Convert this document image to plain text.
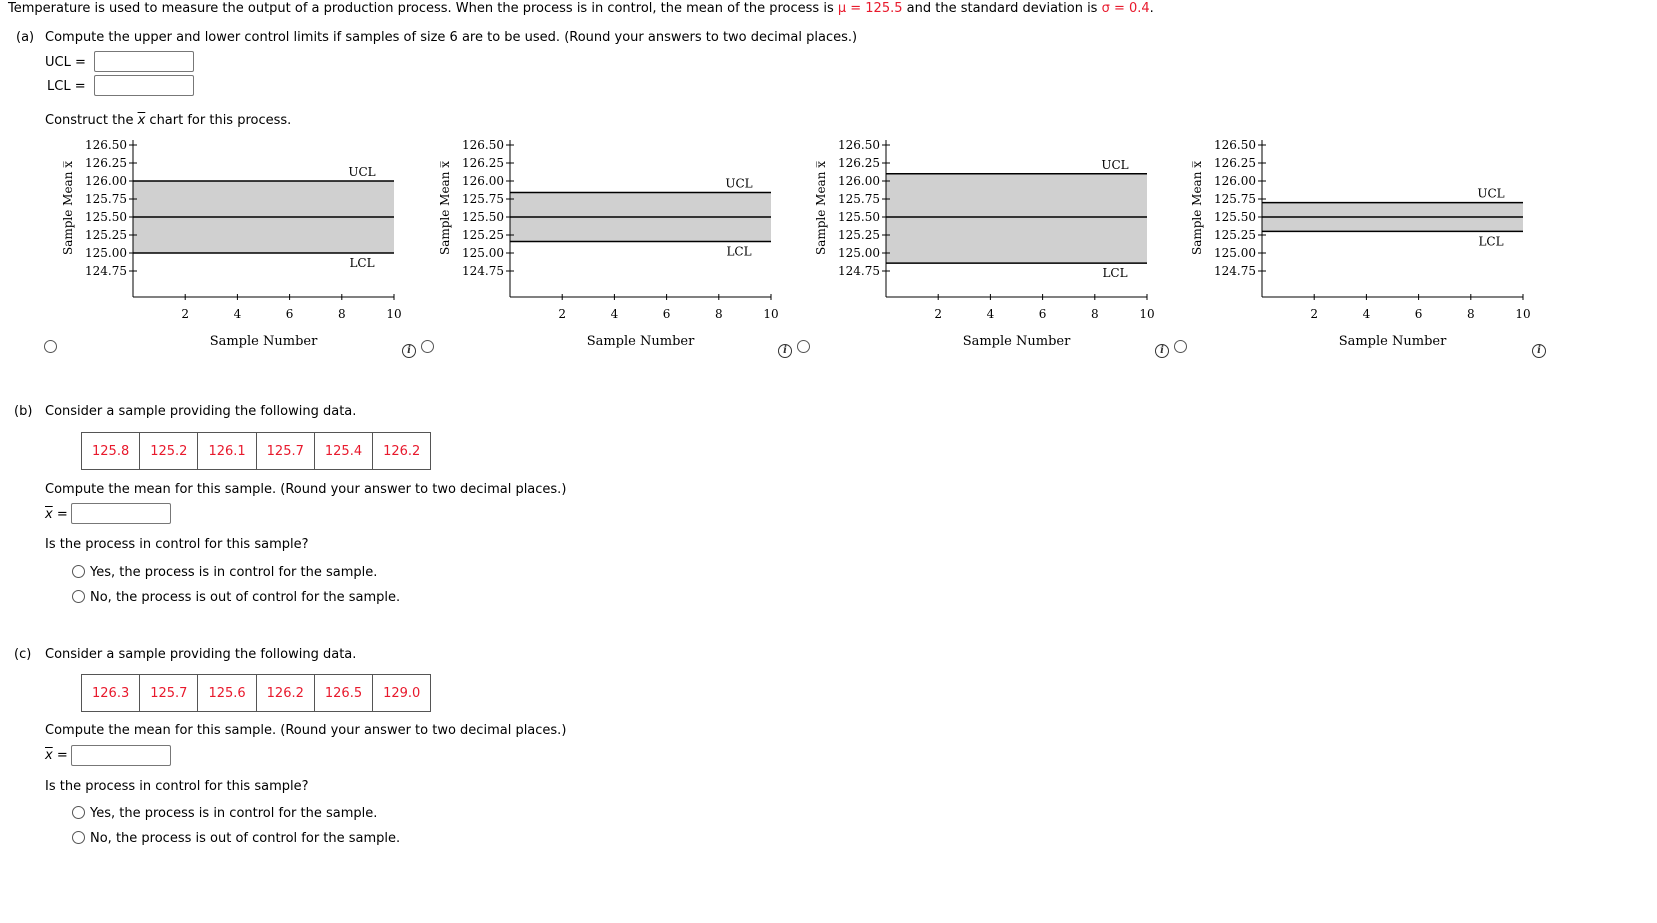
Temperature is used to measure the output of a production process. When the process is in control, the mean of the process is μ = 125.5 and the standard deviation is σ = 0.4.
(a) Compute the upper and lower control limits if samples of size 6 are to be used. (Round your answers to two decimal places.)
UCL =
LCL =
Construct the $\overline{x}$ chart for this process.
UCL
LCL
124.75
125.00
125.25
125.50
125.75
126.00
126.25
126.50
2	4	6	8	10
Sample Number
Sample Mean x̅	UCL
LCL
124.75
125.00
125.25
125.50
125.75
126.00
126.25
126.50
2	4	6	8	10
Sample Number
Sample Mean x̅	UCL
LCL
124.75
125.00
125.25
125.50
125.75
126.00
126.25
126.50
2	4	6	8	10
Sample Number
Sample Mean x̅	UCL
LCL
124.75
125.00
125.25
125.50
125.75
126.00
126.25
126.50
2	4	6	8	10
Sample Number
Sample Mean x̅
i	i	i	i
(b) Consider a sample providing the following data.
125.8	125.2	126.1	125.7	125.4	126.2
Compute the mean for this sample. (Round your answer to two decimal places.)
$\overline{x}$ =
Is the process in control for this sample?
Yes, the process is in control for the sample.
No, the process is out of control for the sample.
(c) Consider a sample providing the following data.
126.3	125.7	125.6	126.2	126.5	129.0
Compute the mean for this sample. (Round your answer to two decimal places.)
$\overline{x}$ =
Is the process in control for this sample?
Yes, the process is in control for the sample.
No, the process is out of control for the sample.
